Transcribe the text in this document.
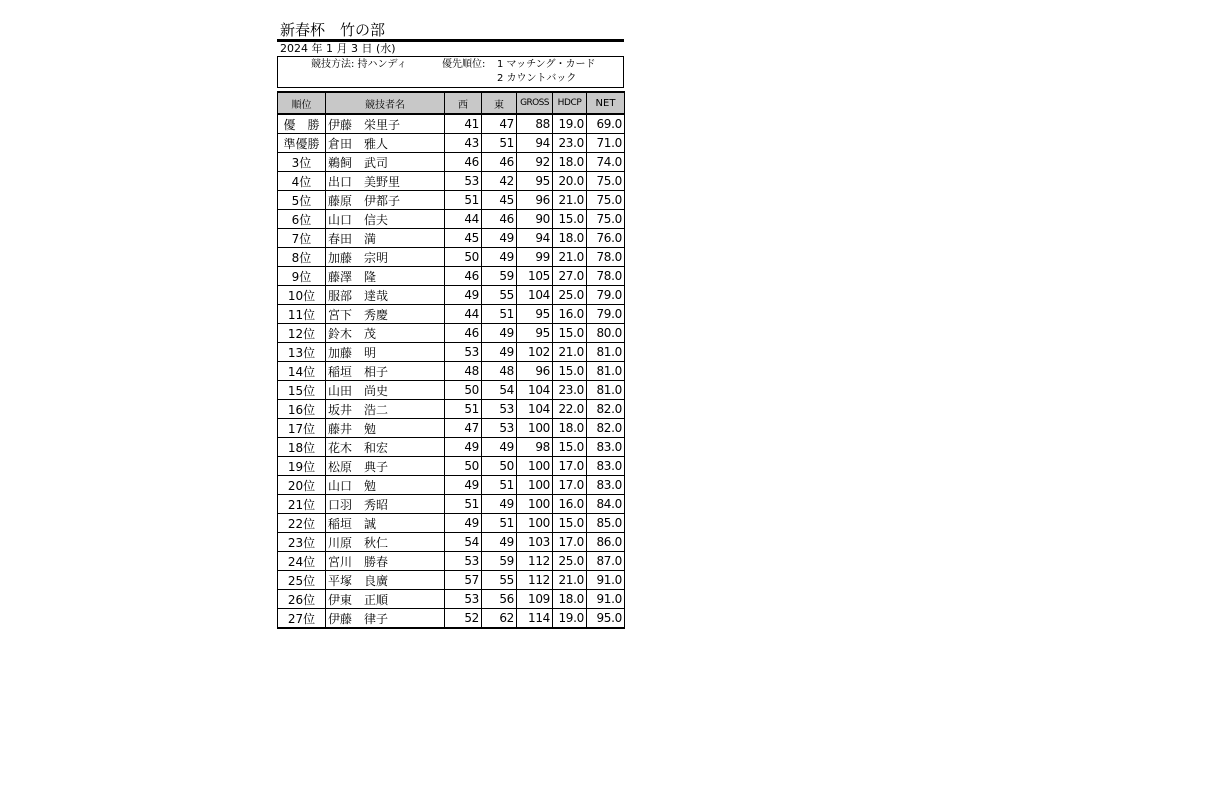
新春杯　竹の部
2024 年 1 月 3 日 (水)
競技方法: 持ハンディ	優先順位: 1 マッチング・カード
2 カウントバック
順位	競技者名	西	東	GROSS	HDCP	NET
優　勝	伊藤　栄里子	41	47	88	19.0	69.0
準優勝	倉田　雅人	43	51	94	23.0	71.0
3位	鵜飼　武司	46	46	92	18.0	74.0
4位	出口　美野里	53	42	95	20.0	75.0
5位	藤原　伊都子	51	45	96	21.0	75.0
6位	山口　信夫	44	46	90	15.0	75.0
7位	春田　満	45	49	94	18.0	76.0
8位	加藤　宗明	50	49	99	21.0	78.0
9位	藤澤　隆	46	59	105	27.0	78.0
10位	服部　達哉	49	55	104	25.0	79.0
11位	宮下　秀慶	44	51	95	16.0	79.0
12位	鈴木　茂	46	49	95	15.0	80.0
13位	加藤　明	53	49	102	21.0	81.0
14位	稲垣　相子	48	48	96	15.0	81.0
15位	山田　尚史	50	54	104	23.0	81.0
16位	坂井　浩二	51	53	104	22.0	82.0
17位	藤井　勉	47	53	100	18.0	82.0
18位	花木　和宏	49	49	98	15.0	83.0
19位	松原　典子	50	50	100	17.0	83.0
20位	山口　勉	49	51	100	17.0	83.0
21位	口羽　秀昭	51	49	100	16.0	84.0
22位	稲垣　誠	49	51	100	15.0	85.0
23位	川原　秋仁	54	49	103	17.0	86.0
24位	宮川　勝春	53	59	112	25.0	87.0
25位	平塚　良廣	57	55	112	21.0	91.0
26位	伊東　正順	53	56	109	18.0	91.0
27位	伊藤　律子	52	62	114	19.0	95.0
